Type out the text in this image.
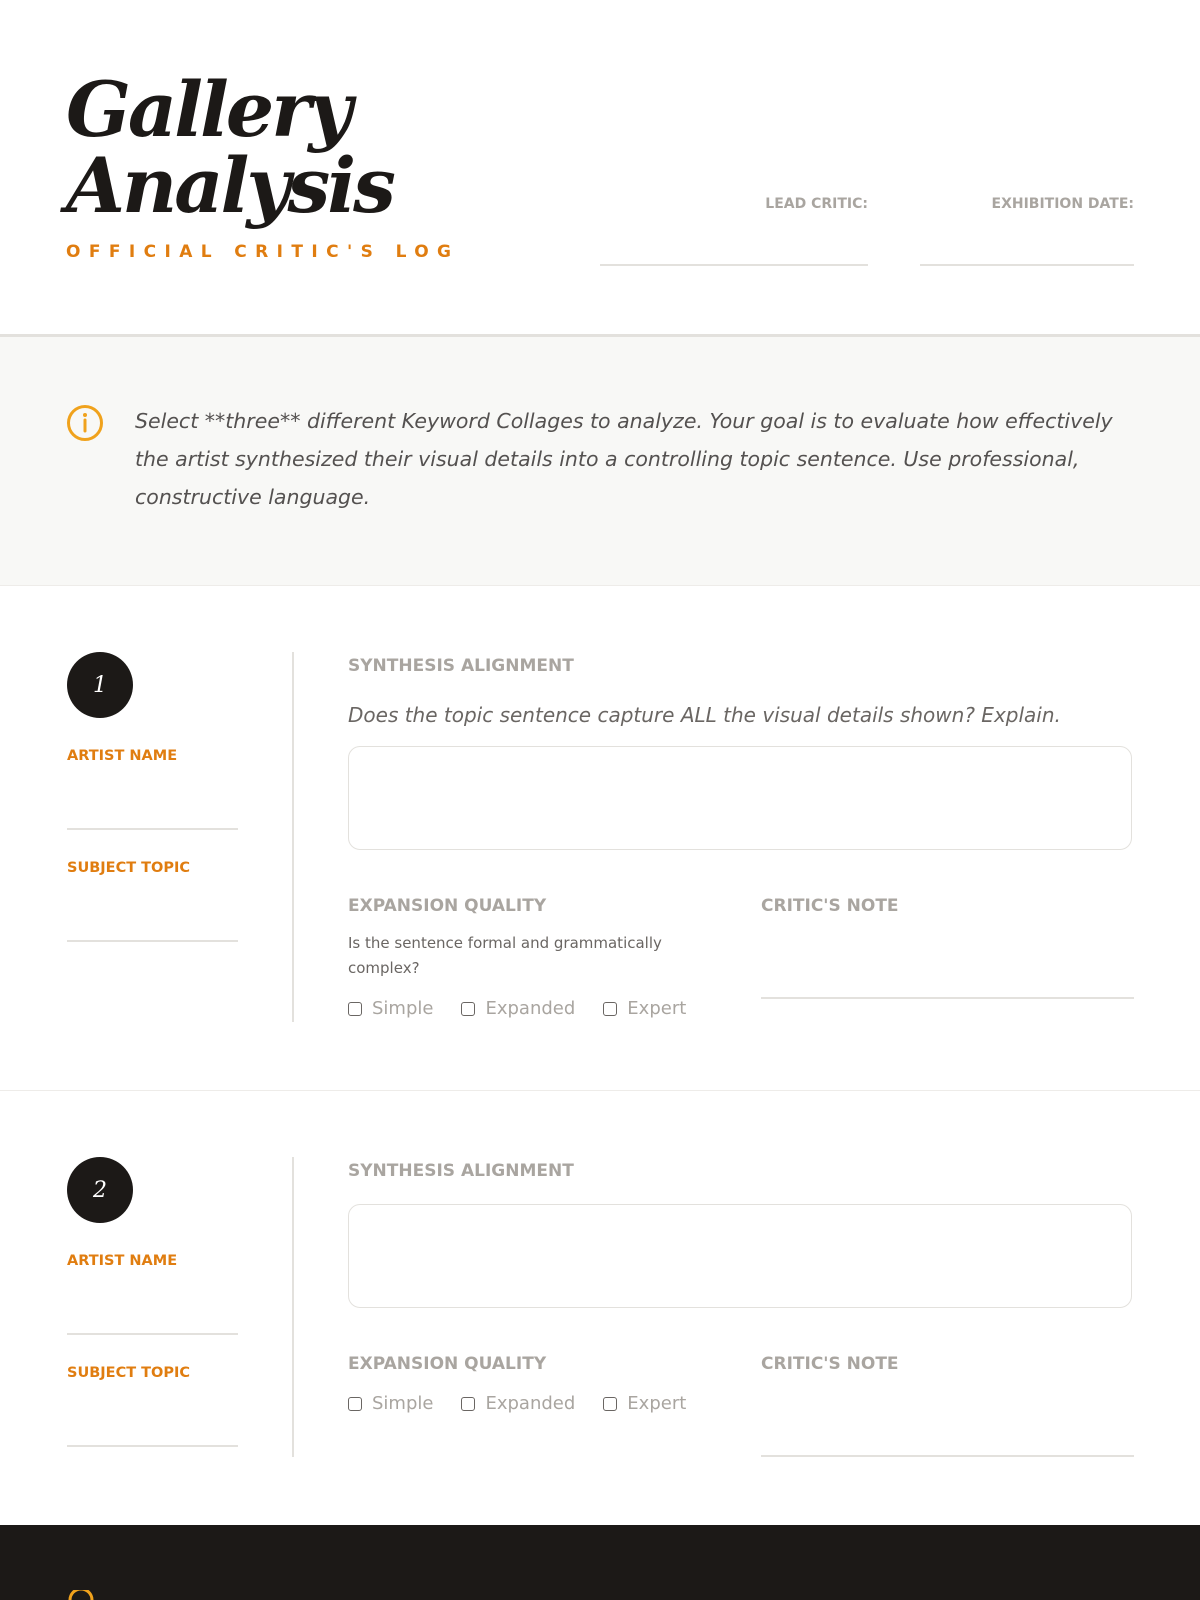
Gallery
Analysis
OFFICIAL CRITIC'S LOG
LEAD CRITIC:	EXHIBITION DATE:
Select **three** different Keyword Collages to analyze. Your goal is to evaluate how effectively the artist synthesized their visual details into a controlling topic sentence. Use professional, constructive language.
1
ARTIST NAME
SUBJECT TOPIC
SYNTHESIS ALIGNMENT
Does the topic sentence capture ALL the visual details shown? Explain.
EXPANSION QUALITY
Is the sentence formal and grammatically complex?
Simple	Expanded	Expert
CRITIC'S NOTE
2
ARTIST NAME
SUBJECT TOPIC
SYNTHESIS ALIGNMENT
EXPANSION QUALITY
Simple	Expanded	Expert
CRITIC'S NOTE
